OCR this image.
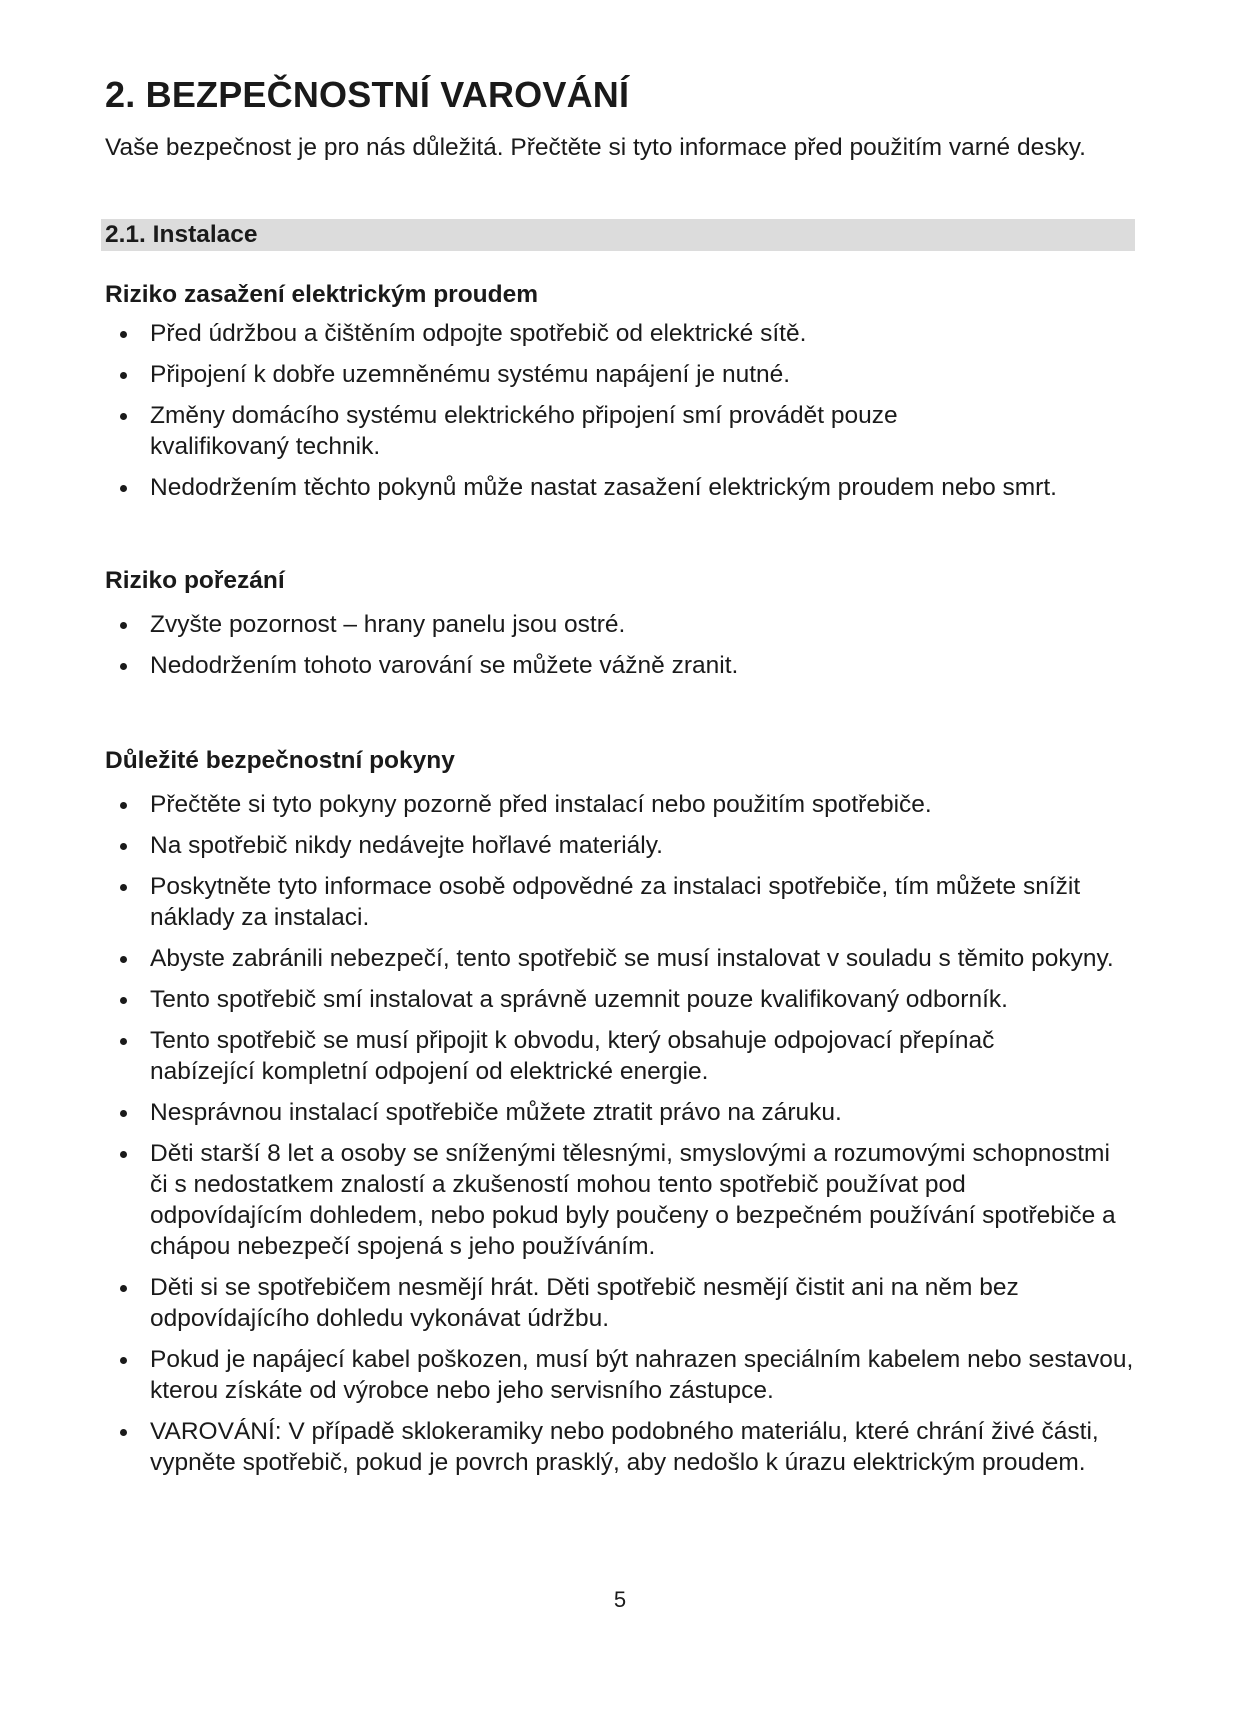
2. BEZPEČNOSTNÍ VAROVÁNÍ

Vaše bezpečnost je pro nás důležitá. Přečtěte si tyto informace před použitím varné desky.

2.1. Instalace
Riziko zasažení elektrickým proudem
Před údržbou a čištěním odpojte spotřebič od elektrické sítě.
Připojení k dobře uzemněnému systému napájení je nutné.
Změny domácího systému elektrického připojení smí provádět pouze kvalifikovaný technik.
Nedodržením těchto pokynů může nastat zasažení elektrickým proudem nebo smrt.
Riziko pořezání
Zvyšte pozornost – hrany panelu jsou ostré.
Nedodržením tohoto varování se můžete vážně zranit.
Důležité bezpečnostní pokyny
Přečtěte si tyto pokyny pozorně před instalací nebo použitím spotřebiče.
Na spotřebič nikdy nedávejte hořlavé materiály.
Poskytněte tyto informace osobě odpovědné za instalaci spotřebiče, tím můžete snížit náklady za instalaci.
Abyste zabránili nebezpečí, tento spotřebič se musí instalovat v souladu s těmito pokyny.
Tento spotřebič smí instalovat a správně uzemnit pouze kvalifikovaný odborník.
Tento spotřebič se musí připojit k obvodu, který obsahuje odpojovací přepínač nabízející kompletní odpojení od elektrické energie.
Nesprávnou instalací spotřebiče můžete ztratit právo na záruku.
Děti starší 8 let a osoby se sníženými tělesnými, smyslovými a rozumovými schopnostmi či s nedostatkem znalostí a zkušeností mohou tento spotřebič používat pod odpovídajícím dohledem, nebo pokud byly poučeny o bezpečném používání spotřebiče a chápou nebezpečí spojená s jeho používáním.
Děti si se spotřebičem nesmějí hrát. Děti spotřebič nesmějí čistit ani na něm bez odpovídajícího dohledu vykonávat údržbu.
Pokud je napájecí kabel poškozen, musí být nahrazen speciálním kabelem nebo sestavou, kterou získáte od výrobce nebo jeho servisního zástupce.
VAROVÁNÍ: V případě sklokeramiky nebo podobného materiálu, které chrání živé části, vypněte spotřebič, pokud je povrch prasklý, aby nedošlo k úrazu elektrickým proudem.
5
